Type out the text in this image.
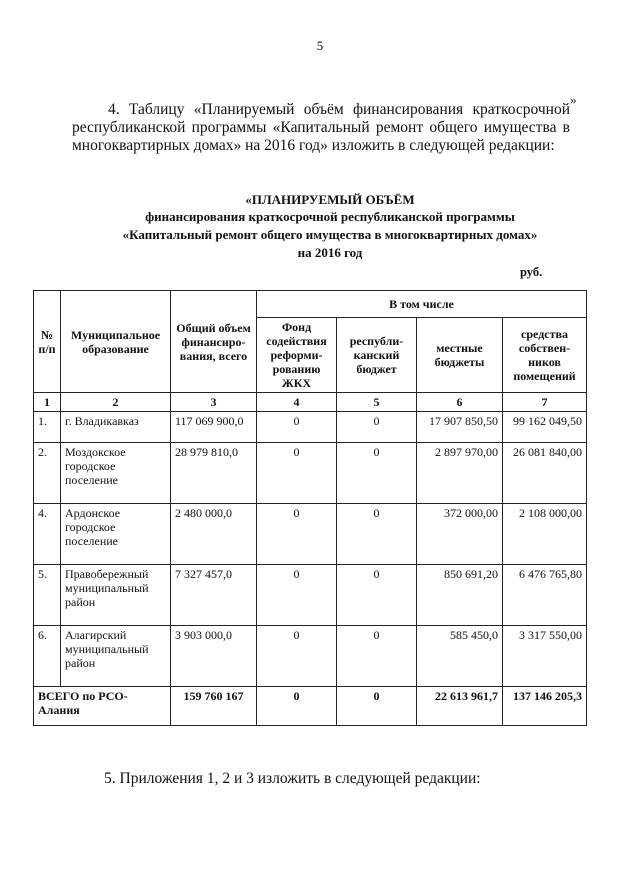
5
»
4. Таблицу «Планируемый объём финансирования краткосрочной республиканской программы «Капитальный ремонт общего имущества в многоквартирных домах» на 2016 год» изложить в следующей редакции:
«ПЛАНИРУЕМЫЙ ОБЪЁМ
финансирования краткосрочной республиканской программы
«Капитальный ремонт общего имущества в многоквартирных домах»
на 2016 год
руб.
№ п/п	Муниципальное образование	Общий объем финансиро-вания, всего	В том числе			
			Фонд содействия реформи-рованию ЖКХ	республи-канский бюджет	местные бюджеты	средства собствен-ников помещений
1	2	3	4	5	6	7
1.	г. Владикавказ	117 069 900,0	0	0	17 907 850,50	99 162 049,50
2.	Моздокское городское поселение	28 979 810,0	0	0	2 897 970,00	26 081 840,00
4.	Ардонское городское поселение	2 480 000,0	0	0	372 000,00	2 108 000,00
5.	Правобережный муниципальный район	7 327 457,0	0	0	850 691,20	6 476 765,80
6.	Алагирский муниципальный район	3 903 000,0	0	0	585 450,0	3 317 550,00
ВСЕГО по РСО-Алания		159 760 167	0	0	22 613 961,7	137 146 205,3
5. Приложения 1, 2 и 3 изложить в следующей редакции:
